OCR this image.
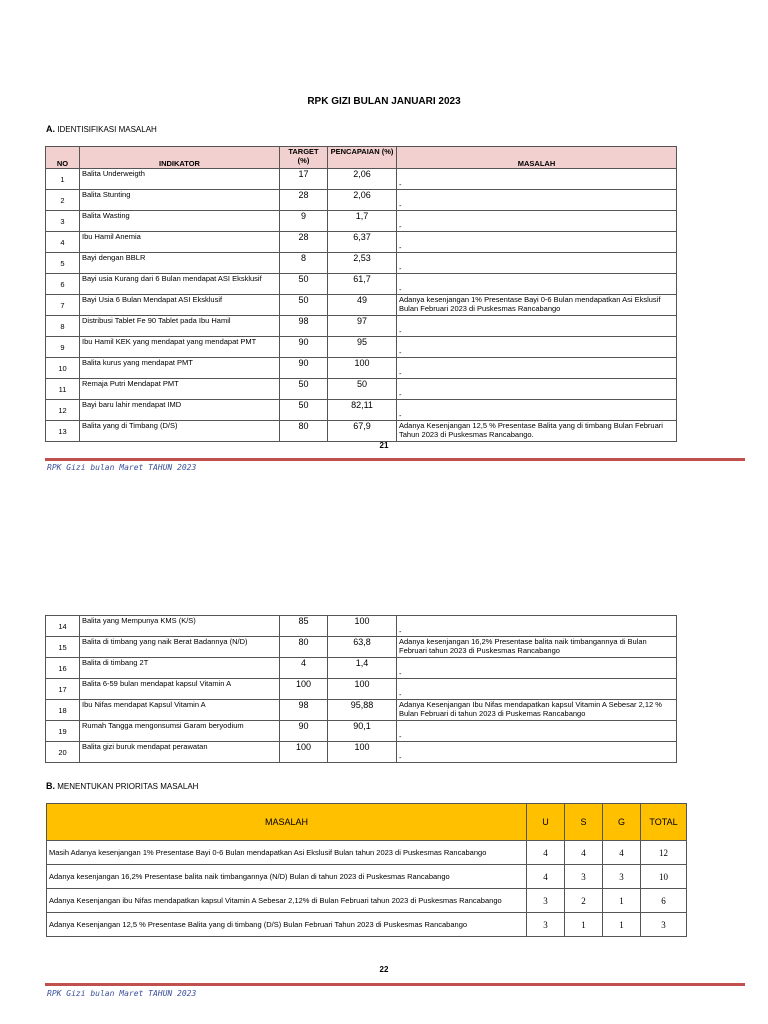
RPK GIZI BULAN JANUARI 2023
A. IDENTISIFIKASI MASALAH
NO	INDIKATOR	TARGET (%)	PENCAPAIAN (%)	MASALAH
1	Balita Underweigth	17	2,06	-
2	Balita Stunting	28	2,06	-
3	Balita Wasting	9	1,7	-
4	Ibu Hamil Anemia	28	6,37	-
5	Bayi dengan BBLR	8	2,53	-
6	Bayi usia Kurang dari 6 Bulan mendapat ASI Eksklusif	50	61,7	-
7	Bayi Usia 6 Bulan Mendapat ASI Eksklusif	50	49	Adanya kesenjangan 1% Presentase Bayi 0-6 Bulan mendapatkan Asi Ekslusif Bulan Februari 2023 di Puskesmas Rancabango
8	Distribusi Tablet Fe 90 Tablet pada Ibu Hamil	98	97	-
9	Ibu Hamil KEK yang mendapat yang mendapat PMT	90	95	-
10	Balita kurus yang mendapat PMT	90	100	-
11	Remaja Putri Mendapat PMT	50	50	-
12	Bayi baru lahir mendapat IMD	50	82,11	-
13	Balita yang di Timbang (D/S)	80	67,9	Adanya Kesenjangan 12,5 % Presentase Balita yang di timbang Bulan Februari Tahun 2023 di Puskesmas Rancabango.
21
RPK Gizi bulan Maret TAHUN 2023
14	Balita yang Mempunya KMS (K/S)	85	100	-
15	Balita di timbang yang naik Berat Badannya (N/D)	80	63,8	Adanya kesenjangan 16,2% Presentase balita naik timbangannya di Bulan Februari tahun 2023 di Puskesmas Rancabango
16	Balita di timbang 2T	4	1,4	-
17	Balita 6-59 bulan mendapat kapsul Vitamin A	100	100	-
18	Ibu Nifas mendapat Kapsul Vitamin A	98	95,88	Adanya Kesenjangan Ibu Nifas mendapatkan kapsul Vitamin A Sebesar 2,12 % Bulan Februari di tahun 2023 di Puskemas Rancabango
19	Rumah Tangga mengonsumsi Garam beryodium	90	90,1	-
20	Balita gizi buruk mendapat perawatan	100	100	-
B. MENENTUKAN PRIORITAS MASALAH
MASALAH	U	S	G	TOTAL
Masih Adanya kesenjangan 1% Presentase Bayi 0-6 Bulan mendapatkan Asi Ekslusif Bulan tahun 2023 di Puskesmas Rancabango	4	4	4	12
Adanya kesenjangan 16,2% Presentase balita naik timbangannya (N/D) Bulan di tahun 2023 di Puskesmas Rancabango	4	3	3	10
Adanya Kesenjangan ibu Nifas mendapatkan kapsul Vitamin A Sebesar 2,12% di Bulan Februari tahun 2023 di Puskesmas Rancabango	3	2	1	6
Adanya Kesenjangan 12,5 % Presentase Balita yang di timbang (D/S) Bulan Februari Tahun 2023 di Puskesmas Rancabango	3	1	1	3
22
RPK Gizi bulan Maret TAHUN 2023
